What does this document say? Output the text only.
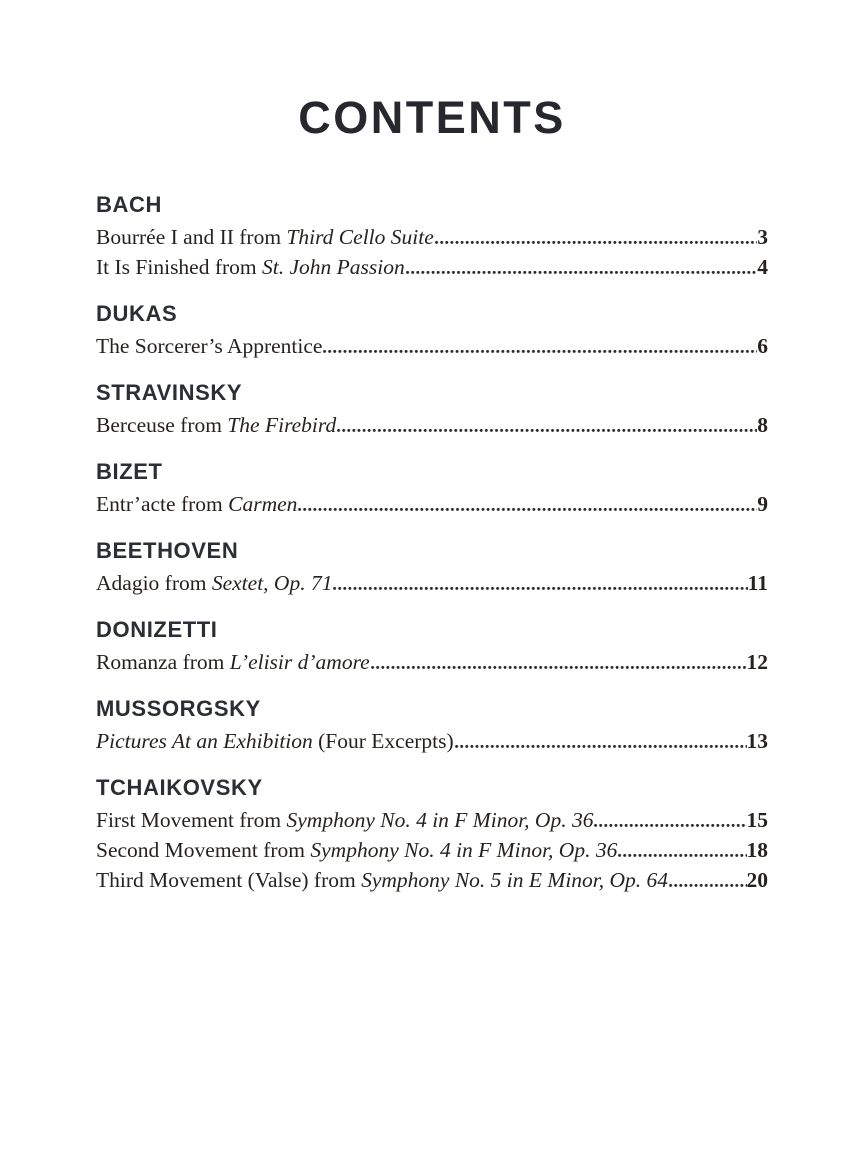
CONTENTS
BACH
Bourrée I and II from Third Cello Suite	3
It Is Finished from St. John Passion	4
DUKAS
The Sorcerer’s Apprentice	6
STRAVINSKY
Berceuse from The Firebird	8
BIZET
Entr’acte from Carmen	9
BEETHOVEN
Adagio from Sextet, Op. 71	11
DONIZETTI
Romanza from L’elisir d’amore	12
MUSSORGSKY
Pictures At an Exhibition (Four Excerpts)	13
TCHAIKOVSKY
First Movement from Symphony No. 4 in F Minor, Op. 36	15
Second Movement from Symphony No. 4 in F Minor, Op. 36	18
Third Movement (Valse) from Symphony No. 5 in E Minor, Op. 64	20
